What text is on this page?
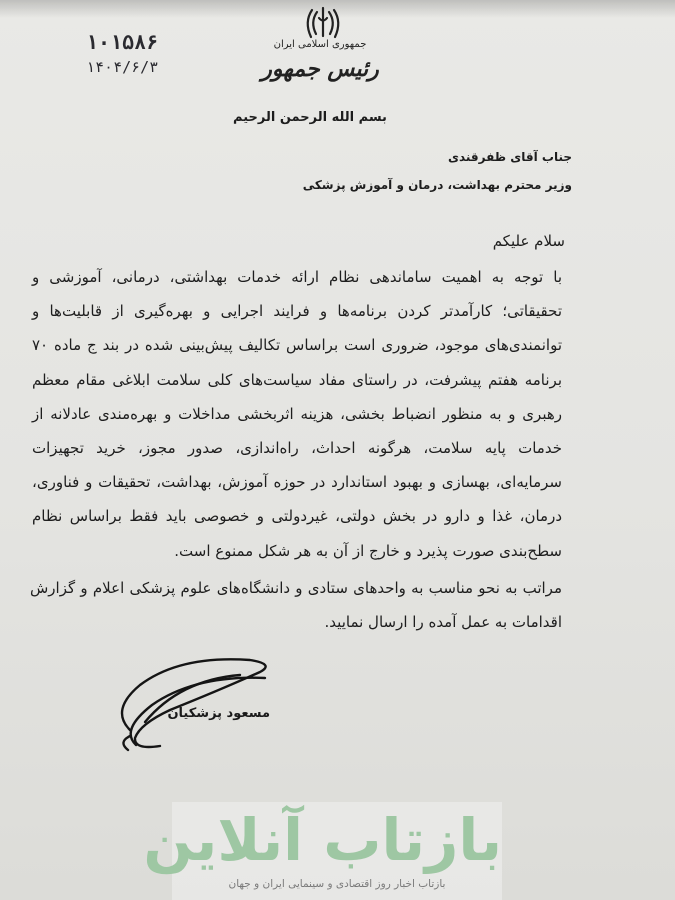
۱۰۱۵۸۶
۱۴۰۴/۶/۳
جمهوری اسلامی ایران
رئیس جمهور
بسم الله الرحمن الرحیم
جناب آقای ظفرقندی
وزیر محترم بهداشت، درمان و آموزش پزشکی
سلام علیکم

با توجه به اهمیت ساماندهی نظام ارائه خدمات بهداشتی، درمانی، آموزشی و تحقیقاتی؛ کارآمدتر کردن برنامه‌ها و فرایند اجرایی و بهره‌گیری از قابلیت‌ها و توانمندی‌های موجود، ضروری است براساس تکالیف پیش‌بینی شده در بند ج ماده ۷۰ برنامه هفتم پیشرفت، در راستای مفاد سیاست‌های کلی سلامت ابلاغی مقام معظم رهبری و به منظور انضباط بخشی، هزینه اثربخشی مداخلات و بهره‌مندی عادلانه از خدمات پایه سلامت، هرگونه احداث، راه‌اندازی، صدور مجوز، خرید تجهیزات سرمایه‌ای، بهسازی و بهبود استاندارد در حوزه آموزش، بهداشت، تحقیقات و فناوری، درمان، غذا و دارو در بخش دولتی، غیردولتی و خصوصی باید فقط براساس نظام سطح‌بندی صورت پذیرد و خارج از آن به هر شکل ممنوع است.

مراتب به نحو مناسب به واحدهای ستادی و دانشگاه‌های علوم پزشکی اعلام و گزارش اقدامات به عمل آمده را ارسال نمایید.

مسعود پزشکیان
بازتاب آنلاین
بازتاب اخبار روز اقتصادی و سینمایی ایران و جهان
